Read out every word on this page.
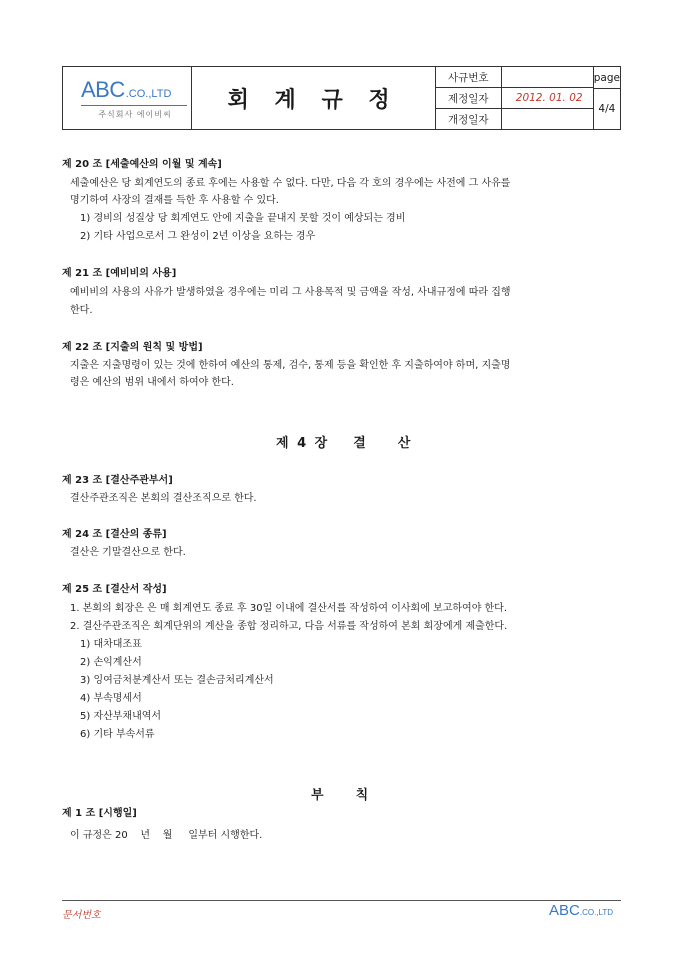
ABC.CO.,LTD
주식회사 에이비씨
회 계 규 정
사규번호
제정일자
개정일자
2012. 01. 02
page
4/4
제 20 조 [세출예산의 이월 및 계속]
세출예산은 당 회계연도의 종료 후에는 사용할 수 없다. 다만, 다음 각 호의 경우에는 사전에 그 사유를
명기하여 사장의 결재를 득한 후 사용할 수 있다.
1) 경비의 성질상 당 회계연도 안에 지출을 끝내지 못할 것이 예상되는 경비
2) 기타 사업으로서 그 완성이 2년 이상을 요하는 경우
제 21 조 [예비비의 사용]
예비비의 사용의 사유가 발생하였을 경우에는 미리 그 사용목적 및 금액을 작성, 사내규정에 따라 집행
한다.
제 22 조 [지출의 원칙 및 방법]
지출은 지출명령이 있는 것에 한하여 예산의 통제, 검수, 통제 등을 확인한 후 지출하여야 하며, 지출명
령은 예산의 범위 내에서 하여야 한다.
제 4 장 결 산
제 23 조 [결산주관부서]
결산주관조직은 본회의 결산조직으로 한다.
제 24 조 [결산의 종류]
결산은 기말결산으로 한다.
제 25 조 [결산서 작성]
1. 본회의 회장은 은 매 회계연도 종료 후 30일 이내에 결산서를 작성하여 이사회에 보고하여야 한다.
2. 결산주관조직은 회계단위의 계산을 종합 정리하고, 다음 서류를 작성하여 본회 회장에게 제출한다.
1) 대차대조표
2) 손익계산서
3) 잉여금처분계산서 또는 결손금처리계산서
4) 부속명세서
5) 자산부채내역서
6) 기타 부속서류
부 칙
제 1 조 [시행일]
이 규정은 20    년    월     일부터 시행한다.
문서번호	ABC.CO.,LTD
